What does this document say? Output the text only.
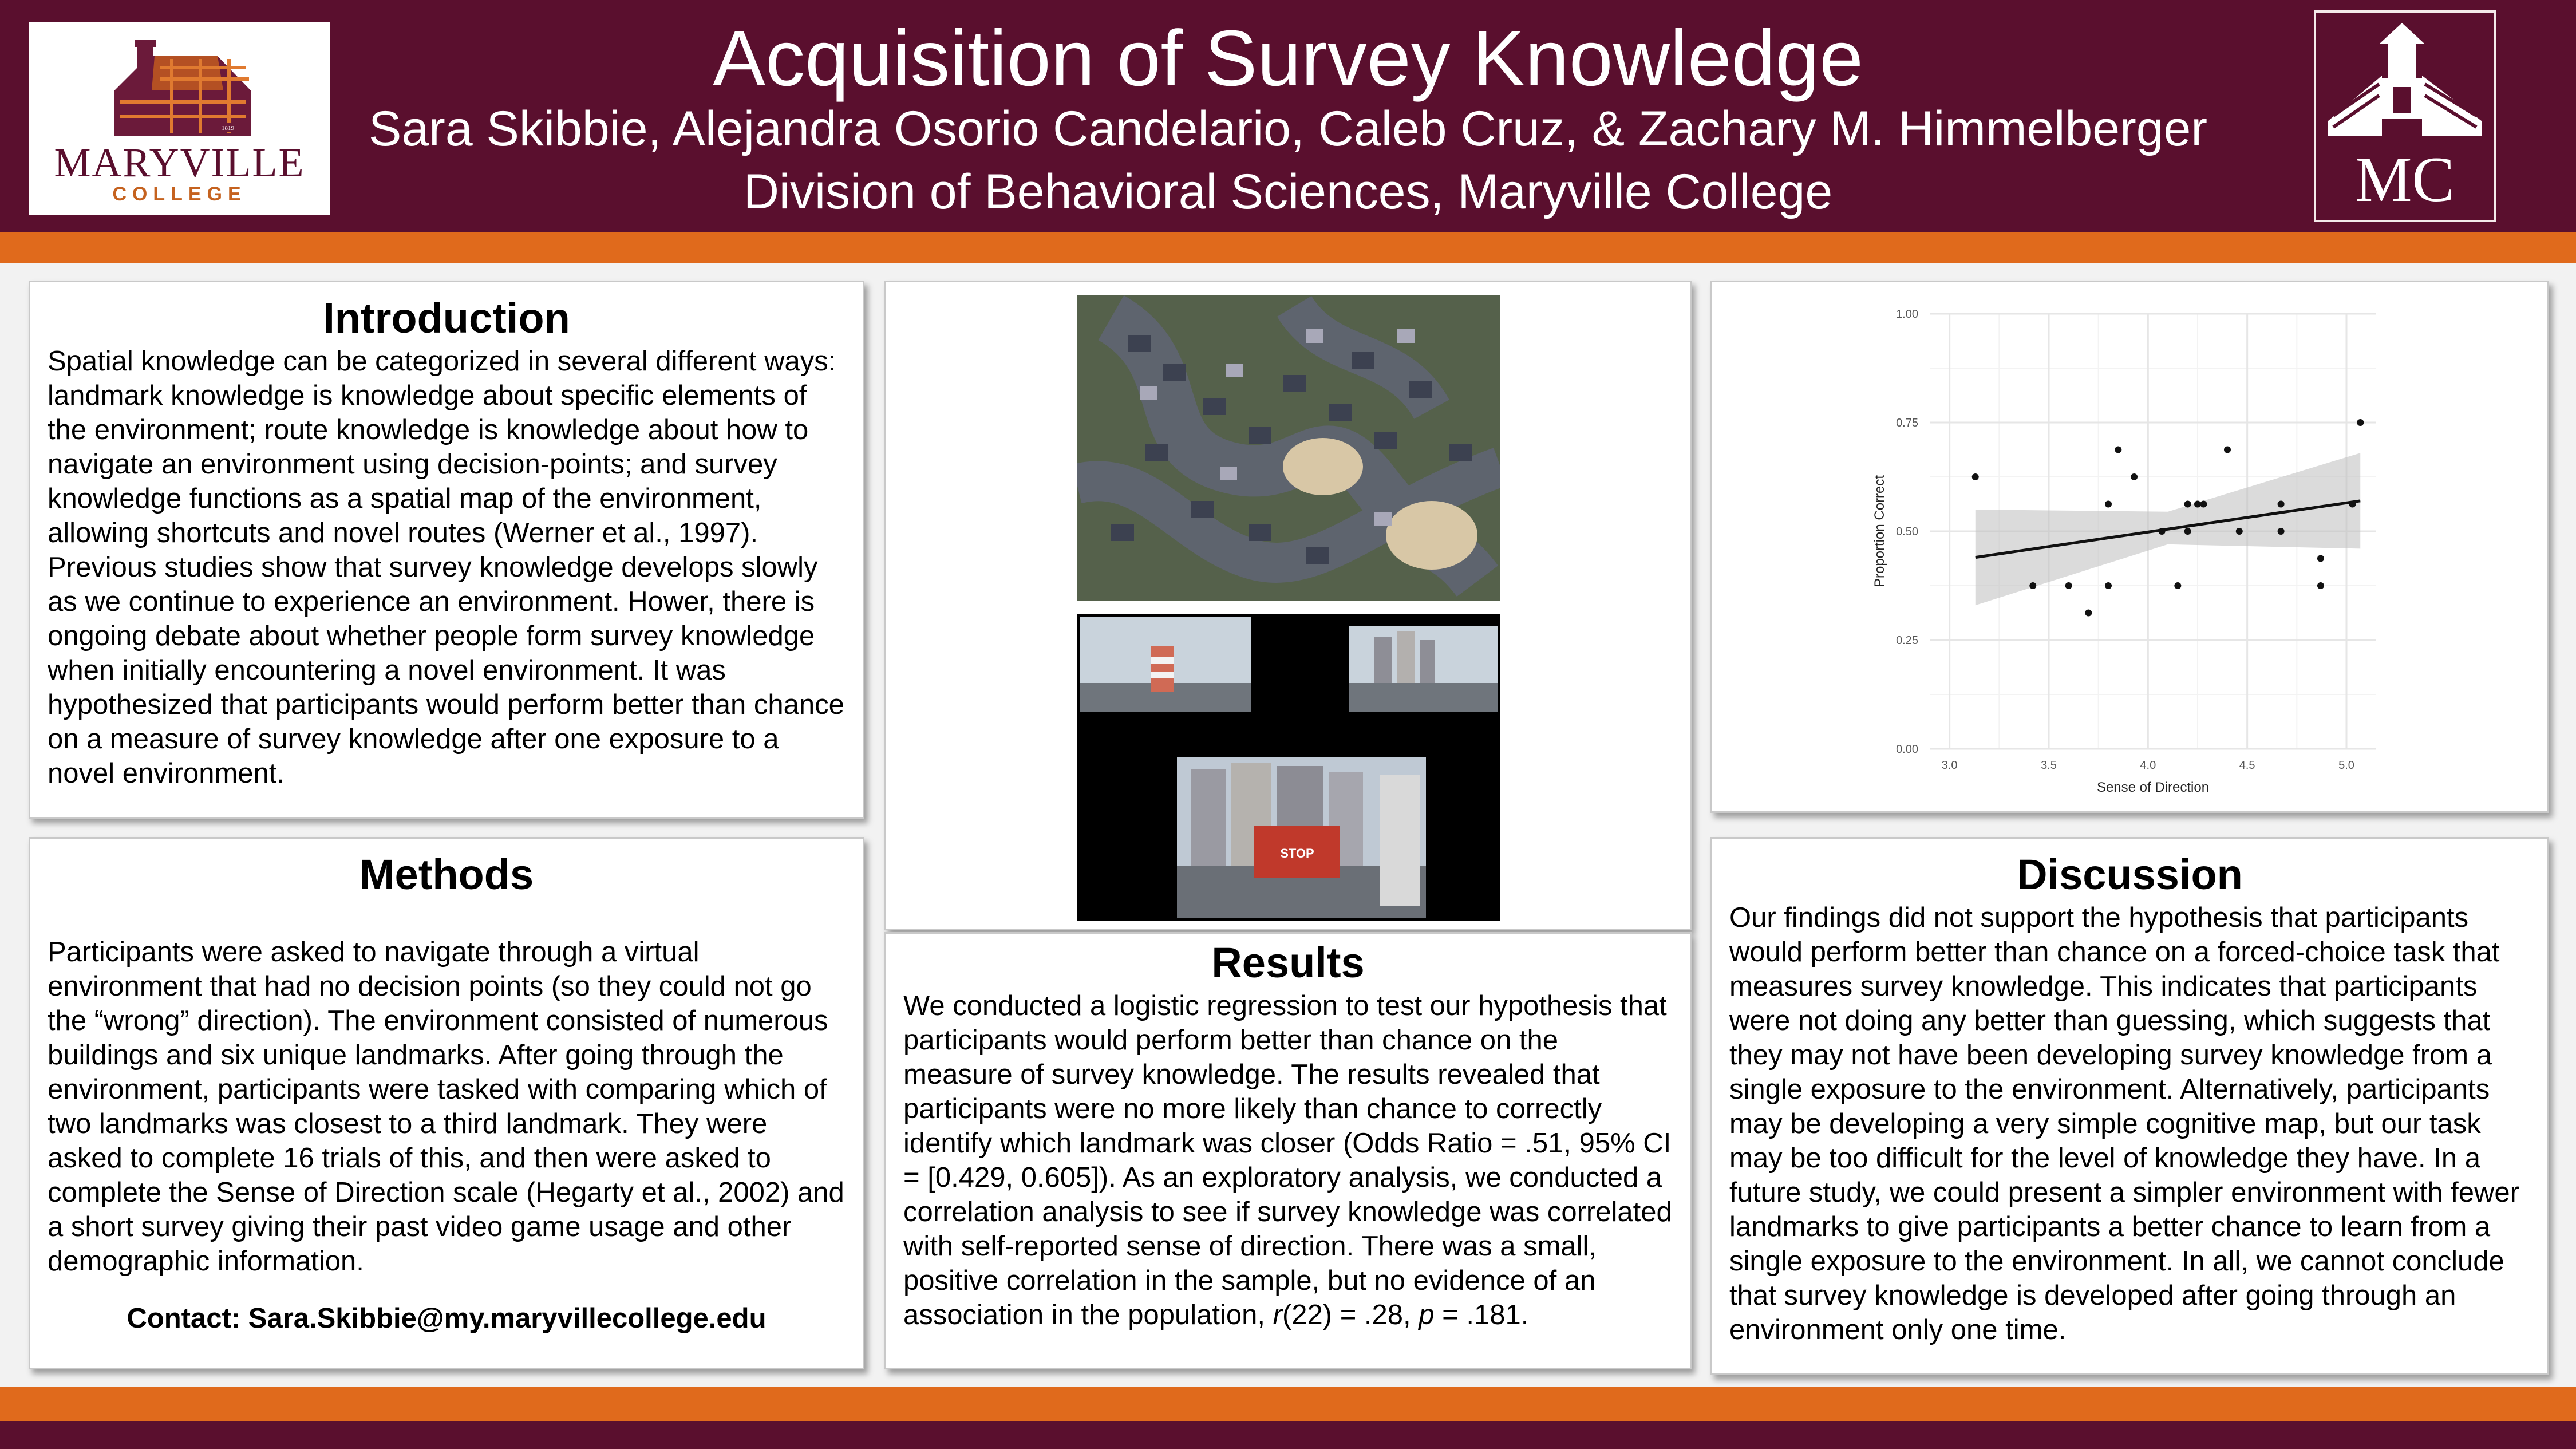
Acquisition of Survey Knowledge
Sara Skibbie, Alejandra Osorio Candelario, Caleb Cruz, & Zachary M. Himmelberger
Division of Behavioral Sciences, Maryville College
1819
MARYVILLE
COLLEGE	MC
Introduction

Spatial knowledge can be categorized in several different ways: landmark knowledge is knowledge about specific elements of the environment; route knowledge is knowledge about how to navigate an environment using decision-points; and survey knowledge functions as a spatial map of the environment, allowing shortcuts and novel routes (Werner et al., 1997). Previous studies show that survey knowledge develops slowly as we continue to experience an environment. Hower, there is ongoing debate about whether people form survey knowledge when initially encountering a novel environment. It was hypothesized that participants would perform better than chance on a measure of survey knowledge after one exposure to a novel environment.

Methods

Participants were asked to navigate through a virtual environment that had no decision points (so they could not go the “wrong” direction). The environment consisted of numerous buildings and six unique landmarks. After going through the environment, participants were tasked with comparing which of two landmarks was closest to a third landmark. They were asked to complete 16 trials of this, and then were asked to complete the Sense of Direction scale (Hegarty et al., 2002) and a short survey giving their past video game usage and other demographic information.

Contact: Sara.Skibbie@my.maryvillecollege.edu

STOP
Results

We conducted a logistic regression to test our hypothesis that participants would perform better than chance on the measure of survey knowledge. The results revealed that participants were no more likely than chance to correctly identify which landmark was closer (Odds Ratio = .51, 95% CI = [0.429, 0.605]). As an exploratory analysis, we conducted a correlation analysis to see if survey knowledge was correlated with self-reported sense of direction. There was a small, positive correlation in the sample, but no evidence of an association in the population, r(22) = .28, p = .181.

0.00
0.25
0.50
0.75
1.00
3.0	3.5	4.0	4.5	5.0
Sense of Direction
Proportion Correct
Discussion

Our findings did not support the hypothesis that participants would perform better than chance on a forced-choice task that measures survey knowledge. This indicates that participants were not doing any better than guessing, which suggests that they may not have been developing survey knowledge from a single exposure to the environment. Alternatively, participants may be developing a very simple cognitive map, but our task may be too difficult for the level of knowledge they have. In a future study, we could present a simpler environment with fewer landmarks to give participants a better chance to learn from a single exposure to the environment. In all, we cannot conclude that survey knowledge is developed after going through an environment only one time.
